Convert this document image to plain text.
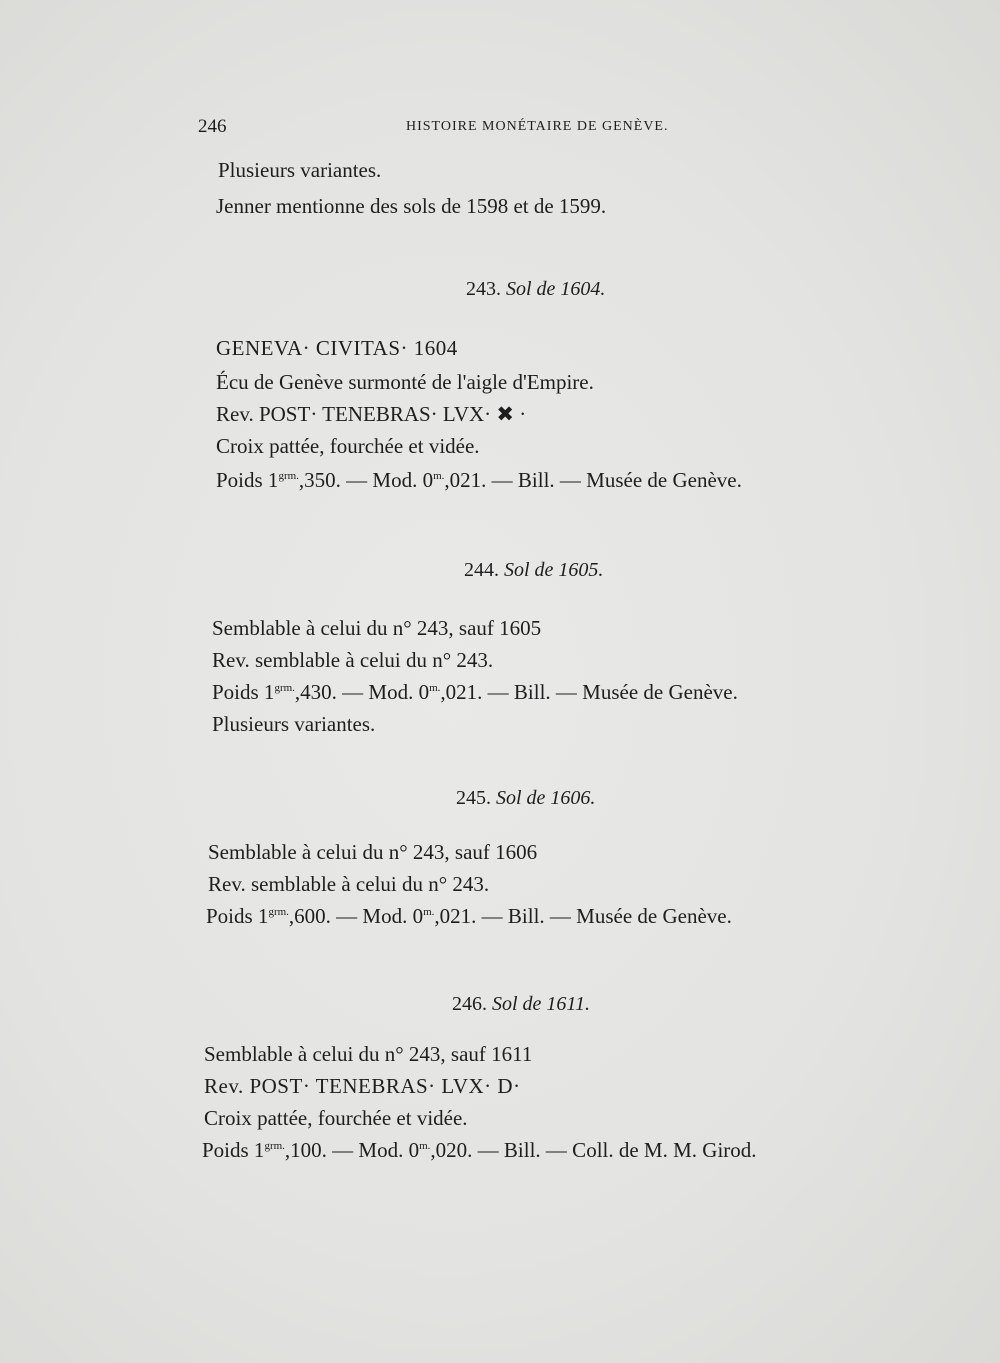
246	HISTOIRE MONÉTAIRE DE GENÈVE.
Plusieurs variantes.
Jenner mentionne des sols de 1598 et de 1599.
243. Sol de 1604.
GENEVA· CIVITAS· 1604
Écu de Genève surmonté de l'aigle d'Empire.
Rev. POST· TENEBRAS· LVX· ✖ ·
Croix pattée, fourchée et vidée.
Poids $1^{grm.},350$. — Mod. $0^{m.},021$. — Bill. — Musée de Genève.
244. Sol de 1605.
Semblable à celui du n° 243, sauf 1605
Rev. semblable à celui du n° 243.
Poids $1^{grm.},430$. — Mod. $0^{m.},021$. — Bill. — Musée de Genève.
Plusieurs variantes.
245. Sol de 1606.
Semblable à celui du n° 243, sauf 1606
Rev. semblable à celui du n° 243.
Poids $1^{grm.},600$. — Mod. $0^{m.},021$. — Bill. — Musée de Genève.
246. Sol de 1611.
Semblable à celui du n° 243, sauf 1611
Rev. POST· TENEBRAS· LVX· D·
Croix pattée, fourchée et vidée.
Poids $1^{grm.},100$. — Mod. $0^{m.},020$. — Bill. — Coll. de M. M. Girod.
